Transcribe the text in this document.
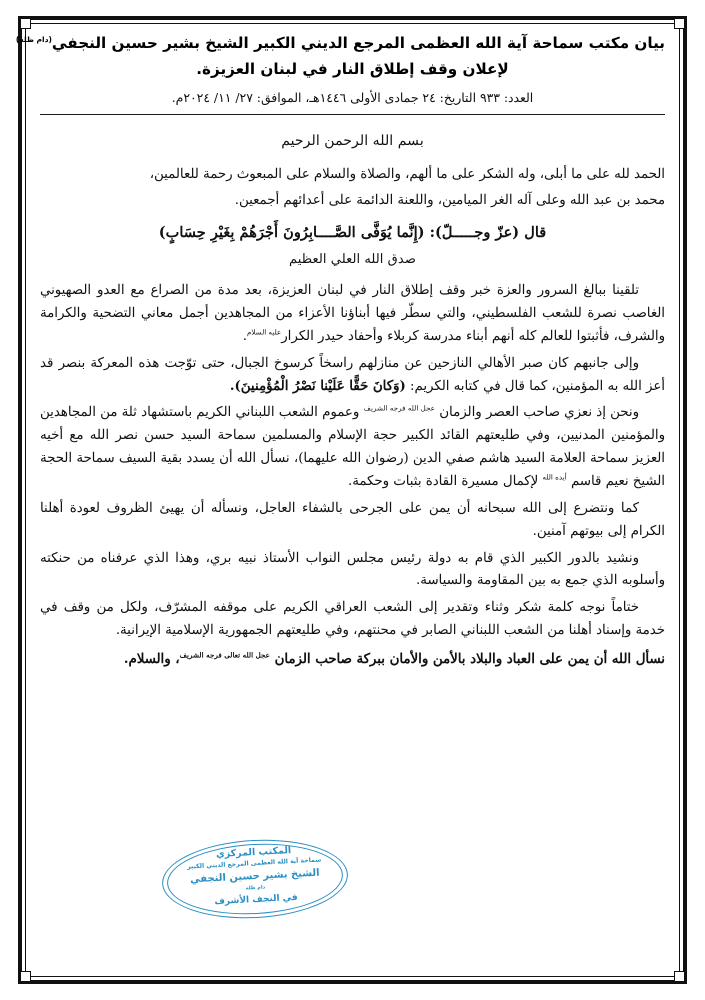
بيان مكتب سماحة آية الله العظمى المرجع الديني الكبير الشيخ بشير حسين النجفي$^{(دام ظله)}$
لإعلان وقف إطلاق النار في لبنان العزيزة.
العدد: ٩٣٣ التاريخ: ٢٤ جمادى الأولى ١٤٤٦هـ، الموافق: ٢٧/ ١١/ ٢٠٢٤م.
بسم الله الرحمن الرحيم

الحمد لله على ما أبلى، وله الشكر على ما ألهم، والصلاة والسلام على المبعوث رحمة للعالمين،

محمد بن عبد الله وعلى آله الغر الميامين، واللعنة الدائمة على أعدائهم أجمعين.

قال (عزّ وجـــــلّ): (إِنَّما يُوَفَّى الصَّــــابِرُونَ أَجْرَهُمْ بِغَيْرِ حِسَابٍ)
صدق الله العلي العظيم

تلقينا ببالغ السرور والعزة خبر وقف إطلاق النار في لبنان العزيزة، بعد مدة من الصراع مع العدو الصهيوني الغاصب نصرة للشعب الفلسطيني، والتي سطّر فيها أبناؤنا الأعزاء من المجاهدين أجمل معاني التضحية والكرامة والشرف، فأثبتوا للعالم كله أنهم أبناء مدرسة كربلاء وأحفاد حيدر الكرار$^{عليه السلام}$.

وإلى جانبهم كان صبر الأهالي النازحين عن منازلهم راسخاً كرسوخ الجبال، حتى توّجت هذه المعركة بنصر قد أعز الله به المؤمنين، كما قال في كتابه الكريم: (وَكانَ حَقًّا عَلَيْنا نَصْرُ الْمُؤْمِنينَ).

ونحن إذ نعزي صاحب العصر والزمان $^{عجل الله فرجه الشريف}$ وعموم الشعب اللبناني الكريم باستشهاد ثلة من المجاهدين والمؤمنين المدنيين، وفي طليعتهم القائد الكبير حجة الإسلام والمسلمين سماحة السيد حسن نصر الله مع أخيه العزيز سماحة العلامة السيد هاشم صفي الدين (رضوان الله عليهما)، نسأل الله أن يسدد بقية السيف سماحة الحجة الشيخ نعيم قاسم $^{أيده الله}$ لإكمال مسيرة القادة بثبات وحكمة.

كما ونتضرع إلى الله سبحانه أن يمن على الجرحى بالشفاء العاجل، ونسأله أن يهيئ الظروف لعودة أهلنا الكرام إلى بيوتهم آمنين.

ونشيد بالدور الكبير الذي قام به دولة رئيس مجلس النواب الأستاذ نبيه بري، وهذا الذي عرفناه من حنكته وأسلوبه الذي جمع به بين المقاومة والسياسة.

ختاماً نوجه كلمة شكر وثناء وتقدير إلى الشعب العراقي الكريم على موقفه المشرّف، ولكل من وقف في خدمة وإسناد أهلنا من الشعب اللبناني الصابر في محنتهم، وفي طليعتهم الجمهورية الإسلامية الإيرانية.

نسأل الله أن يمن على العباد والبلاد بالأمن والأمان ببركة صاحب الزمان $^{عجل الله تعالى فرجه الشريف}$، والسلام.

المكتب المركزي
سماحة آية الله العظمى المرجع الديني الكبير
الشيخ بشير حسين النجفي
دام ظله
في النجف الأشرف
